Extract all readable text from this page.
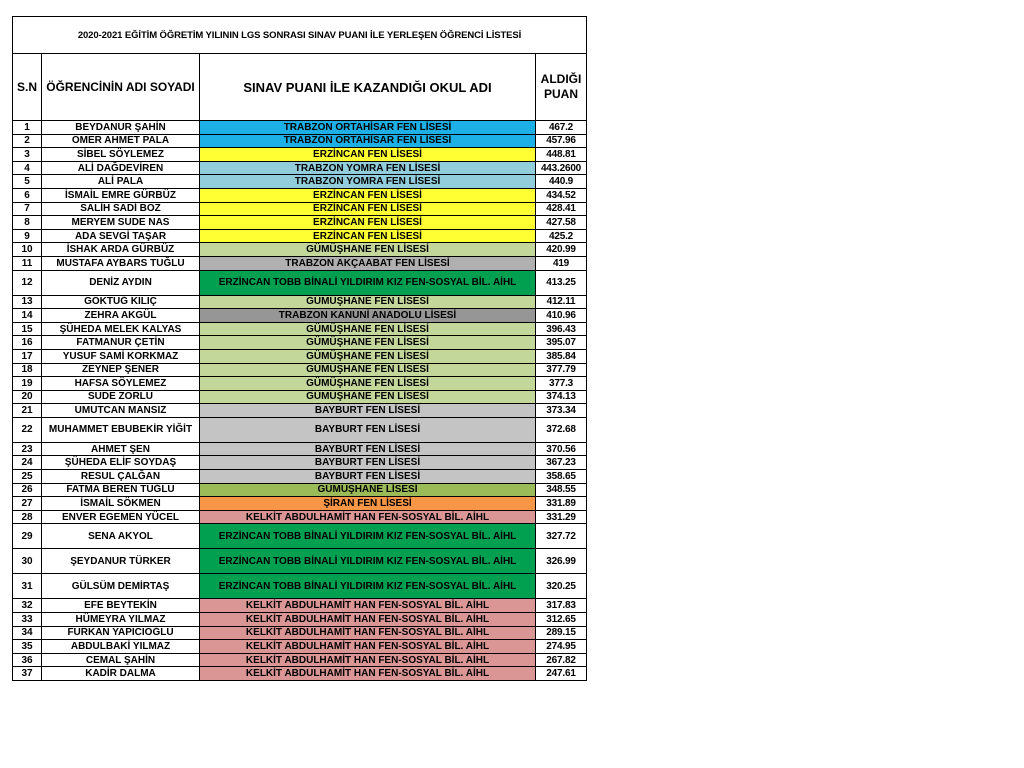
2020-2021 EĞİTİM ÖĞRETİM YILININ LGS SONRASI SINAV PUANI İLE YERLEŞEN ÖĞRENCİ LİSTESİ			
S.N	ÖĞRENCİNİN ADI SOYADI	SINAV PUANI İLE KAZANDIĞI OKUL ADI	ALDIĞI PUAN
1	BEYDANUR ŞAHİN	TRABZON ORTAHİSAR FEN LİSESİ	467.2
2	ÖMER AHMET PALA	TRABZON ORTAHİSAR FEN LİSESİ	457.96
3	SİBEL SÖYLEMEZ	ERZİNCAN FEN LİSESİ	448.81
4	ALİ DAĞDEVİREN	TRABZON YOMRA FEN LİSESİ	443.2600
5	ALİ PALA	TRABZON YOMRA FEN LİSESİ	440.9
6	İSMAİL EMRE GÜRBÜZ	ERZİNCAN FEN LİSESİ	434.52
7	SALİH SADİ BOZ	ERZİNCAN FEN LİSESİ	428.41
8	MERYEM SUDE NAS	ERZİNCAN FEN LİSESİ	427.58
9	ADA SEVGİ TAŞAR	ERZİNCAN FEN LİSESİ	425.2
10	İSHAK ARDA GÜRBÜZ	GÜMÜŞHANE FEN LİSESİ	420.99
11	MUSTAFA AYBARS TUĞLU	TRABZON AKÇAABAT FEN LİSESİ	419
12	DENİZ AYDIN	ERZİNCAN TOBB BİNALİ YILDIRIM KIZ FEN-SOSYAL BİL. AİHL	413.25
13	GÖKTUĞ KILIÇ	GÜMÜŞHANE FEN LİSESİ	412.11
14	ZEHRA AKGÜL	TRABZON KANUNİ ANADOLU LİSESİ	410.96
15	ŞÜHEDA MELEK KALYAS	GÜMÜŞHANE FEN LİSESİ	396.43
16	FATMANUR ÇETİN	GÜMÜŞHANE FEN LİSESİ	395.07
17	YUSUF SAMİ KORKMAZ	GÜMÜŞHANE FEN LİSESİ	385.84
18	ZEYNEP ŞENER	GÜMÜŞHANE FEN LİSESİ	377.79
19	HAFSA SÖYLEMEZ	GÜMÜŞHANE FEN LİSESİ	377.3
20	SUDE ZORLU	GÜMÜŞHANE FEN LİSESİ	374.13
21	UMUTCAN MANSIZ	BAYBURT FEN LİSESİ	373.34
22	MUHAMMET EBUBEKİR YİĞİT	BAYBURT FEN LİSESİ	372.68
23	AHMET ŞEN	BAYBURT FEN LİSESİ	370.56
24	ŞÜHEDA ELİF SOYDAŞ	BAYBURT FEN LİSESİ	367.23
25	RESUL ÇALĞAN	BAYBURT FEN LİSESİ	358.65
26	FATMA BEREN TUĞLU	GÜMÜŞHANE LİSESİ	348.55
27	İSMAİL SÖKMEN	ŞİRAN FEN LİSESİ	331.89
28	ENVER EGEMEN YÜCEL	KELKİT ABDULHAMİT HAN FEN-SOSYAL BİL. AİHL	331.29
29	SENA AKYOL	ERZİNCAN TOBB BİNALİ YILDIRIM KIZ FEN-SOSYAL BİL. AİHL	327.72
30	ŞEYDANUR TÜRKER	ERZİNCAN TOBB BİNALİ YILDIRIM KIZ FEN-SOSYAL BİL. AİHL	326.99
31	GÜLSÜM DEMİRTAŞ	ERZİNCAN TOBB BİNALİ YILDIRIM KIZ FEN-SOSYAL BİL. AİHL	320.25
32	EFE BEYTEKİN	KELKİT ABDULHAMİT HAN FEN-SOSYAL BİL. AİHL	317.83
33	HÜMEYRA YILMAZ	KELKİT ABDULHAMİT HAN FEN-SOSYAL BİL. AİHL	312.65
34	FURKAN YAPICIOĞLU	KELKİT ABDULHAMİT HAN FEN-SOSYAL BİL. AİHL	289.15
35	ABDULBAKİ YILMAZ	KELKİT ABDULHAMİT HAN FEN-SOSYAL BİL. AİHL	274.95
36	CEMAL ŞAHİN	KELKİT ABDULHAMİT HAN FEN-SOSYAL BİL. AİHL	267.82
37	KADİR DALMA	KELKİT ABDULHAMİT HAN FEN-SOSYAL BİL. AİHL	247.61
